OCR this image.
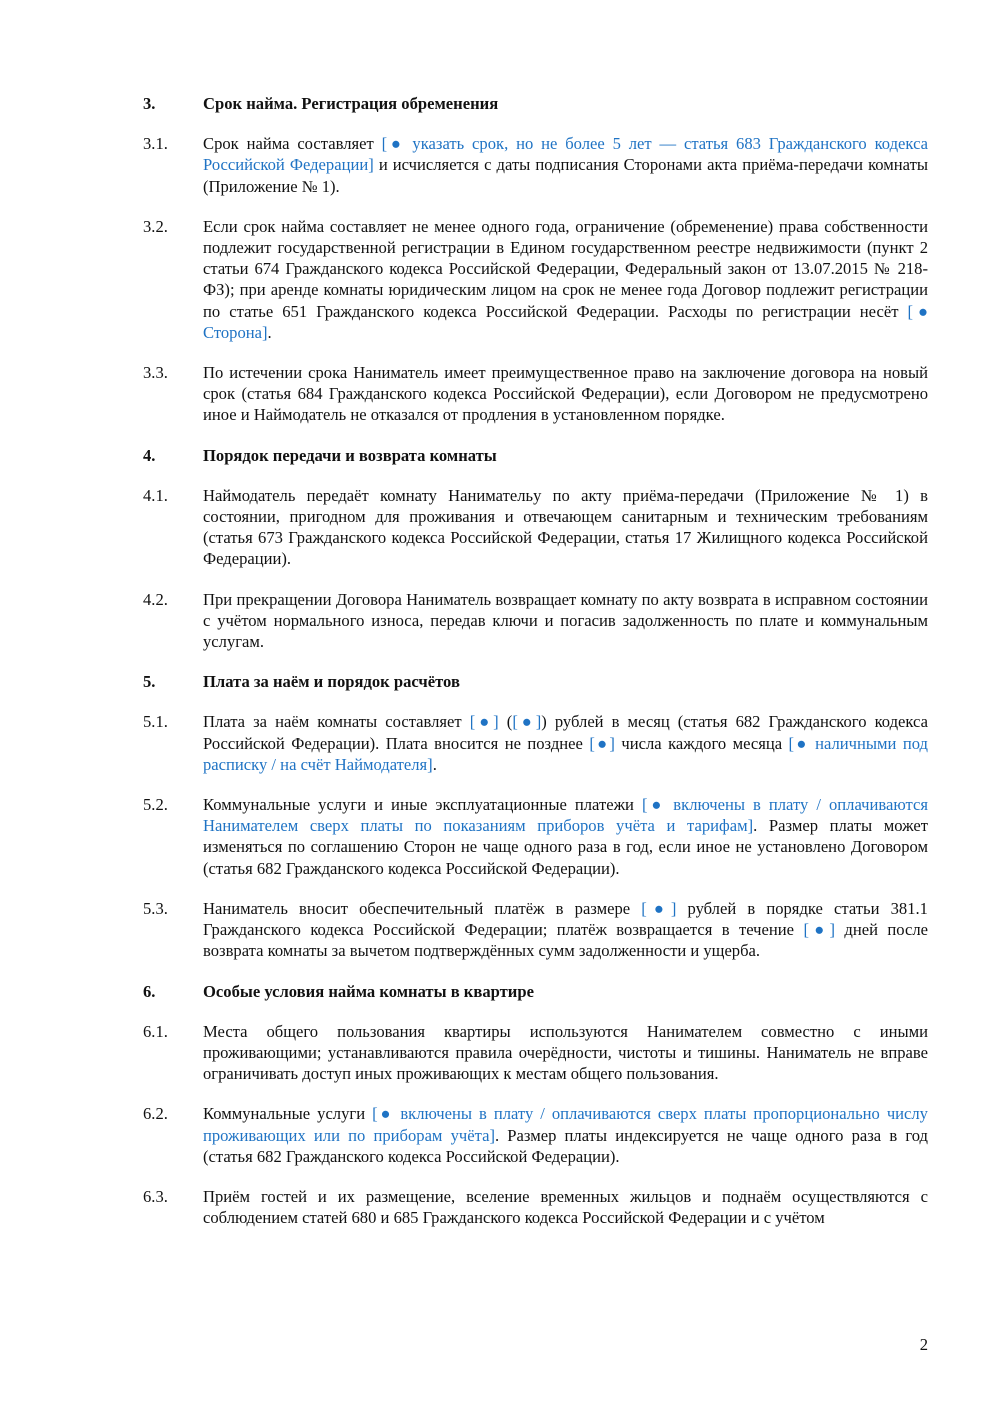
3.	Срок найма. Регистрация обременения
3.1.	Срок найма составляет [● указать срок, но не более 5 лет — статья 683 Гражданского кодекса Российской Федерации] и исчисляется с даты подписания Сторонами акта приёма-передачи комнаты (Приложение № 1).
3.2.	Если срок найма составляет не менее одного года, ограничение (обременение) права собственности подлежит государственной регистрации в Едином государственном реестре недвижимости (пункт 2 статьи 674 Гражданского кодекса Российской Федерации, Федеральный закон от 13.07.2015 № 218-ФЗ); при аренде комнаты юридическим лицом на срок не менее года Договор подлежит регистрации по статье 651 Гражданского кодекса Российской Федерации. Расходы по регистрации несёт [● Сторона].
3.3.	По истечении срока Наниматель имеет преимущественное право на заключение договора на новый срок (статья 684 Гражданского кодекса Российской Федерации), если Договором не предусмотрено иное и Наймодатель не отказался от продления в установленном порядке.
4.	Порядок передачи и возврата комнаты
4.1.	Наймодатель передаёт комнату Нанимательу по акту приёма-передачи (Приложение № 1) в состоянии, пригодном для проживания и отвечающем санитарным и техническим требованиям (статья 673 Гражданского кодекса Российской Федерации, статья 17 Жилищного кодекса Российской Федерации).
4.2.	При прекращении Договора Наниматель возвращает комнату по акту возврата в исправном состоянии с учётом нормального износа, передав ключи и погасив задолженность по плате и коммунальным услугам.
5.	Плата за наём и порядок расчётов
5.1.	Плата за наём комнаты составляет [●] ([●]) рублей в месяц (статья 682 Гражданского кодекса Российской Федерации). Плата вносится не позднее [●] числа каждого месяца [● наличными под расписку / на счёт Наймодателя].
5.2.	Коммунальные услуги и иные эксплуатационные платежи [● включены в плату / оплачиваются Нанимателем сверх платы по показаниям приборов учёта и тарифам]. Размер платы может изменяться по соглашению Сторон не чаще одного раза в год, если иное не установлено Договором (статья 682 Гражданского кодекса Российской Федерации).
5.3.	Наниматель вносит обеспечительный платёж в размере [●] рублей в порядке статьи 381.1 Гражданского кодекса Российской Федерации; платёж возвращается в течение [●] дней после возврата комнаты за вычетом подтверждённых сумм задолженности и ущерба.
6.	Особые условия найма комнаты в квартире
6.1.	Места общего пользования квартиры используются Нанимателем совместно с иными проживающими; устанавливаются правила очерёдности, чистоты и тишины. Наниматель не вправе ограничивать доступ иных проживающих к местам общего пользования.
6.2.	Коммунальные услуги [● включены в плату / оплачиваются сверх платы пропорционально числу проживающих или по приборам учёта]. Размер платы индексируется не чаще одного раза в год (статья 682 Гражданского кодекса Российской Федерации).
6.3.	Приём гостей и их размещение, вселение временных жильцов и поднаём осуществляются с соблюдением статей 680 и 685 Гражданского кодекса Российской Федерации и с учётом
2
